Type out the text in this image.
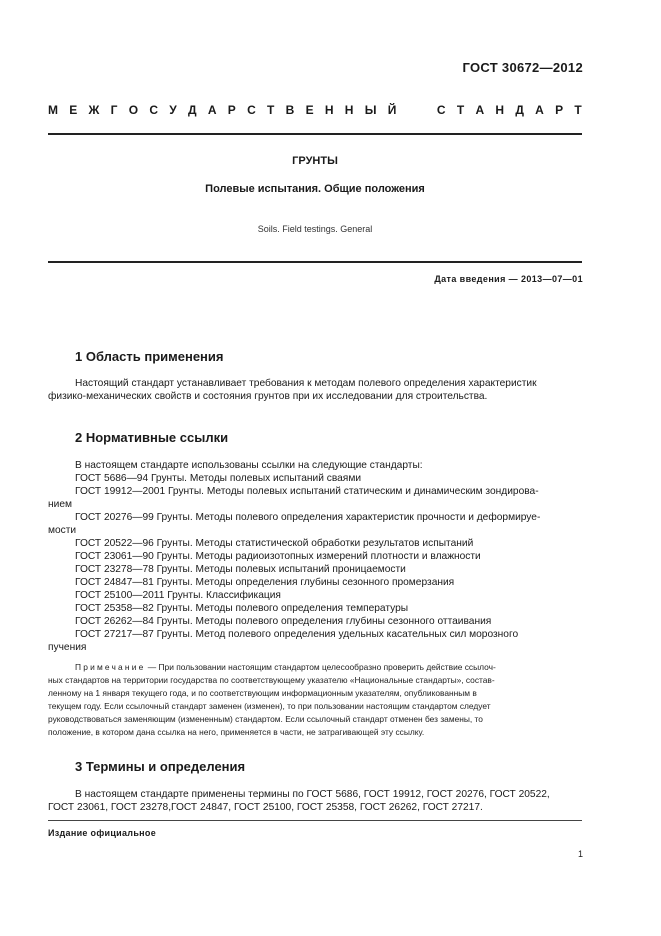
ГОСТ 30672—2012
М Е Ж Г О С У Д А Р С Т В Е Н Н Ы Й	С Т А Н Д А Р Т
ГРУНТЫ
Полевые испытания. Общие положения
Soils. Field testings. General
Дата введения — 2013—07—01
1 Область применения
Настоящий стандарт устанавливает требования к методам полевого определения характеристик
физико-механических свойств и состояния грунтов при их исследовании для строительства.
2 Нормативные ссылки
В настоящем стандарте использованы ссылки на следующие стандарты:
ГОСТ 5686—94 Грунты. Методы полевых испытаний сваями
ГОСТ 19912—2001 Грунты. Методы полевых испытаний статическим и динамическим зондирова-
нием
ГОСТ 20276—99 Грунты. Методы полевого определения характеристик прочности и деформируе-
мости
ГОСТ 20522—96 Грунты. Методы статистической обработки результатов испытаний
ГОСТ 23061—90 Грунты. Методы радиоизотопных измерений плотности и влажности
ГОСТ 23278—78 Грунты. Методы полевых испытаний проницаемости
ГОСТ 24847—81 Грунты. Методы определения глубины сезонного промерзания
ГОСТ 25100—2011 Грунты. Классификация
ГОСТ 25358—82 Грунты. Методы полевого определения температуры
ГОСТ 26262—84 Грунты. Методы полевого определения глубины сезонного оттаивания
ГОСТ 27217—87 Грунты. Метод полевого определения удельных касательных сил морозного
пучения
Примечание — При пользовании настоящим стандартом целесообразно проверить действие ссылоч-
ных стандартов на территории государства по соответствующему указателю «Национальные стандарты», состав-
ленному на 1 января текущего года, и по соответствующим информационным указателям, опубликованным в
текущем году. Если ссылочный стандарт заменен (изменен), то при пользовании настоящим стандартом следует
руководствоваться заменяющим (измененным) стандартом. Если ссылочный стандарт отменен без замены, то
положение, в котором дана ссылка на него, применяется в части, не затрагивающей эту ссылку.
3 Термины и определения
В настоящем стандарте применены термины по ГОСТ 5686, ГОСТ 19912, ГОСТ 20276, ГОСТ 20522,
ГОСТ 23061, ГОСТ 23278,ГОСТ 24847, ГОСТ 25100, ГОСТ 25358, ГОСТ 26262, ГОСТ 27217.
Издание официальное
1
